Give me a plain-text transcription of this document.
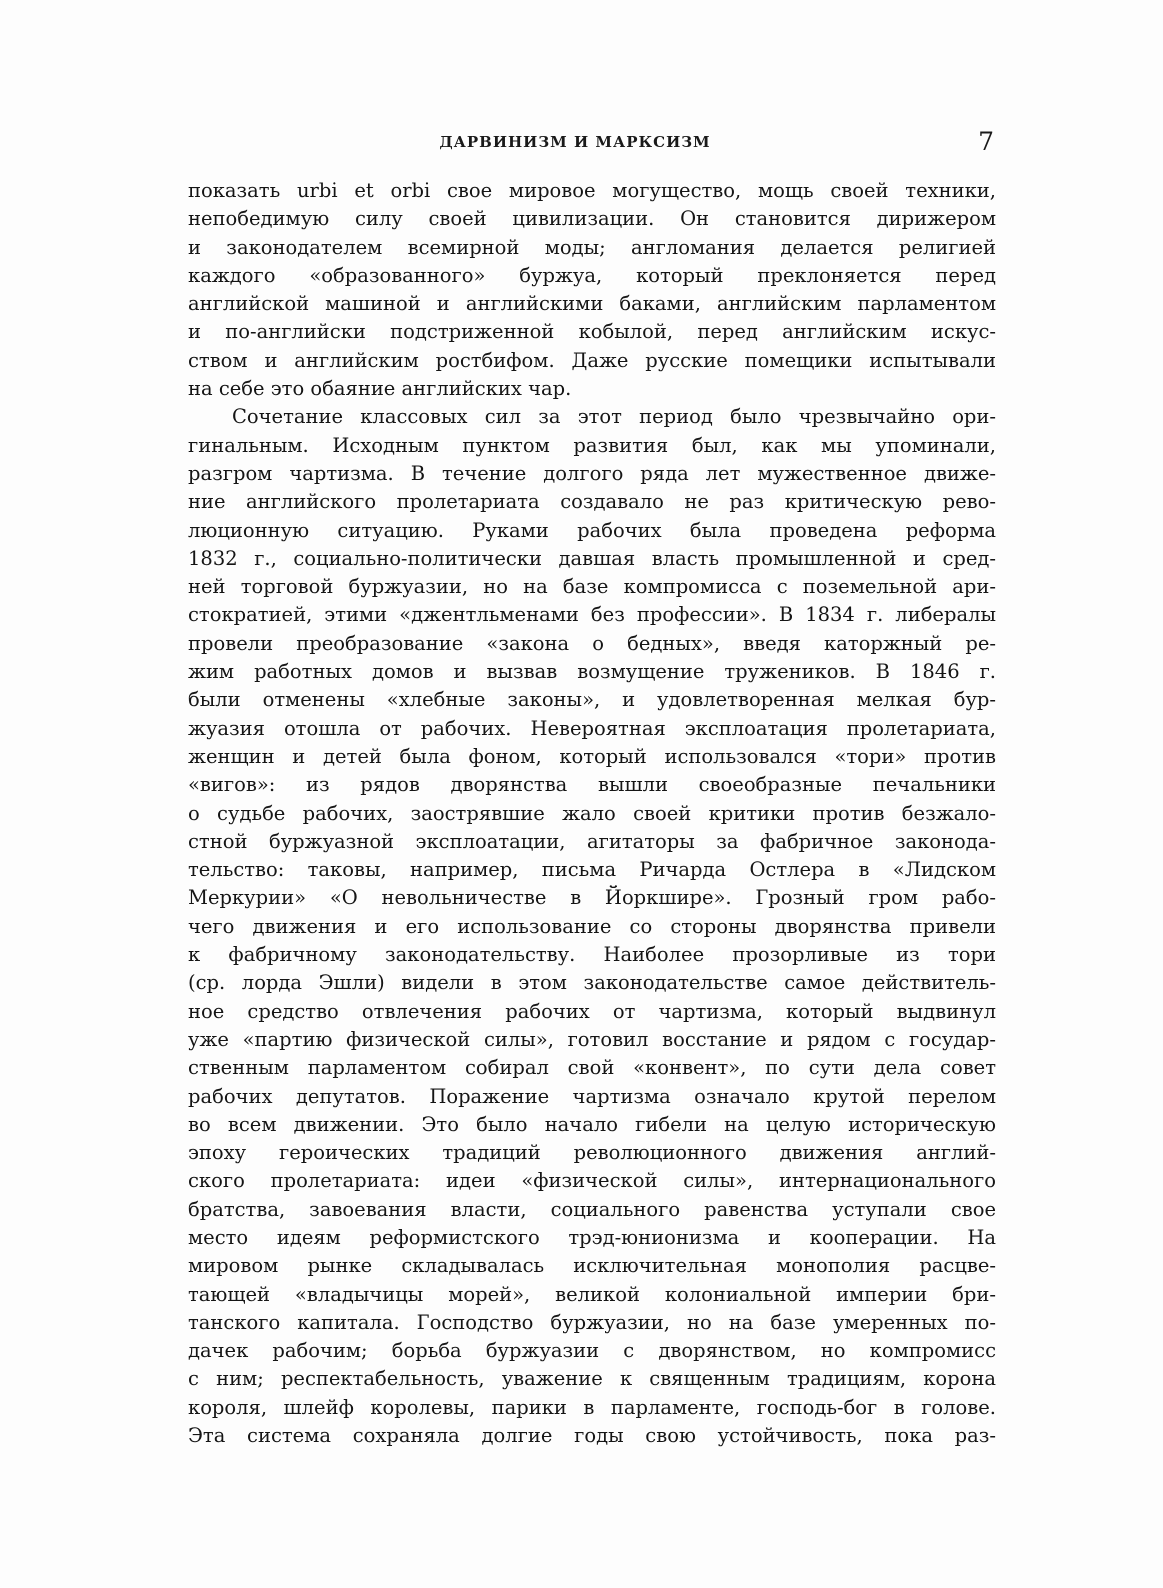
ДАРВИНИЗМ И МАРКСИЗМ	7
показать urbi et orbi свое мировое могущество, мощь своей техники,
непобедимую силу своей цивилизации. Он становится дирижером
и законодателем всемирной моды; англомания делается религией
каждого «образованного» буржуа, который преклоняется перед
английской машиной и английскими баками, английским парламентом
и по-английски подстриженной кобылой, перед английским искус-
ством и английским ростбифом. Даже русские помещики испытывали
на себе это обаяние английских чар.
Сочетание классовых сил за этот период было чрезвычайно ори-
гинальным. Исходным пунктом развития был, как мы упоминали,
разгром чартизма. В течение долгого ряда лет мужественное движе-
ние английского пролетариата создавало не раз критическую рево-
люционную ситуацию. Руками рабочих была проведена реформа
1832 г., социально-политически давшая власть промышленной и сред-
ней торговой буржуазии, но на базе компромисса с поземельной ари-
стократией, этими «джентльменами без профессии». В 1834 г. либералы
провели преобразование «закона о бедных», введя каторжный ре-
жим работных домов и вызвав возмущение тружеников. В 1846 г.
были отменены «хлебные законы», и удовлетворенная мелкая бур-
жуазия отошла от рабочих. Невероятная эксплоатация пролетариата,
женщин и детей была фоном, который использовался «тори» против
«вигов»: из рядов дворянства вышли своеобразные печальники
о судьбе рабочих, заострявшие жало своей критики против безжало-
стной буржуазной эксплоатации, агитаторы за фабричное законода-
тельство: таковы, например, письма Ричарда Остлера в «Лидском
Меркурии» «О невольничестве в Йоркшире». Грозный гром рабо-
чего движения и его использование со стороны дворянства привели
к фабричному законодательству. Наиболее прозорливые из тори
(ср. лорда Эшли) видели в этом законодательстве самое действитель-
ное средство отвлечения рабочих от чартизма, который выдвинул
уже «партию физической силы», готовил восстание и рядом с государ-
ственным парламентом собирал свой «конвент», по сути дела совет
рабочих депутатов. Поражение чартизма означало крутой перелом
во всем движении. Это было начало гибели на целую историческую
эпоху героических традиций революционного движения англий-
ского пролетариата: идеи «физической силы», интернационального
братства, завоевания власти, социального равенства уступали свое
место идеям реформистского трэд-юнионизма и кооперации. На
мировом рынке складывалась исключительная монополия расцве-
тающей «владычицы морей», великой колониальной империи бри-
танского капитала. Господство буржуазии, но на базе умеренных по-
дачек рабочим; борьба буржуазии с дворянством, но компромисс
с ним; респектабельность, уважение к священным традициям, корона
короля, шлейф королевы, парики в парламенте, господь-бог в голове.
Эта система сохраняла долгие годы свою устойчивость, пока раз-
